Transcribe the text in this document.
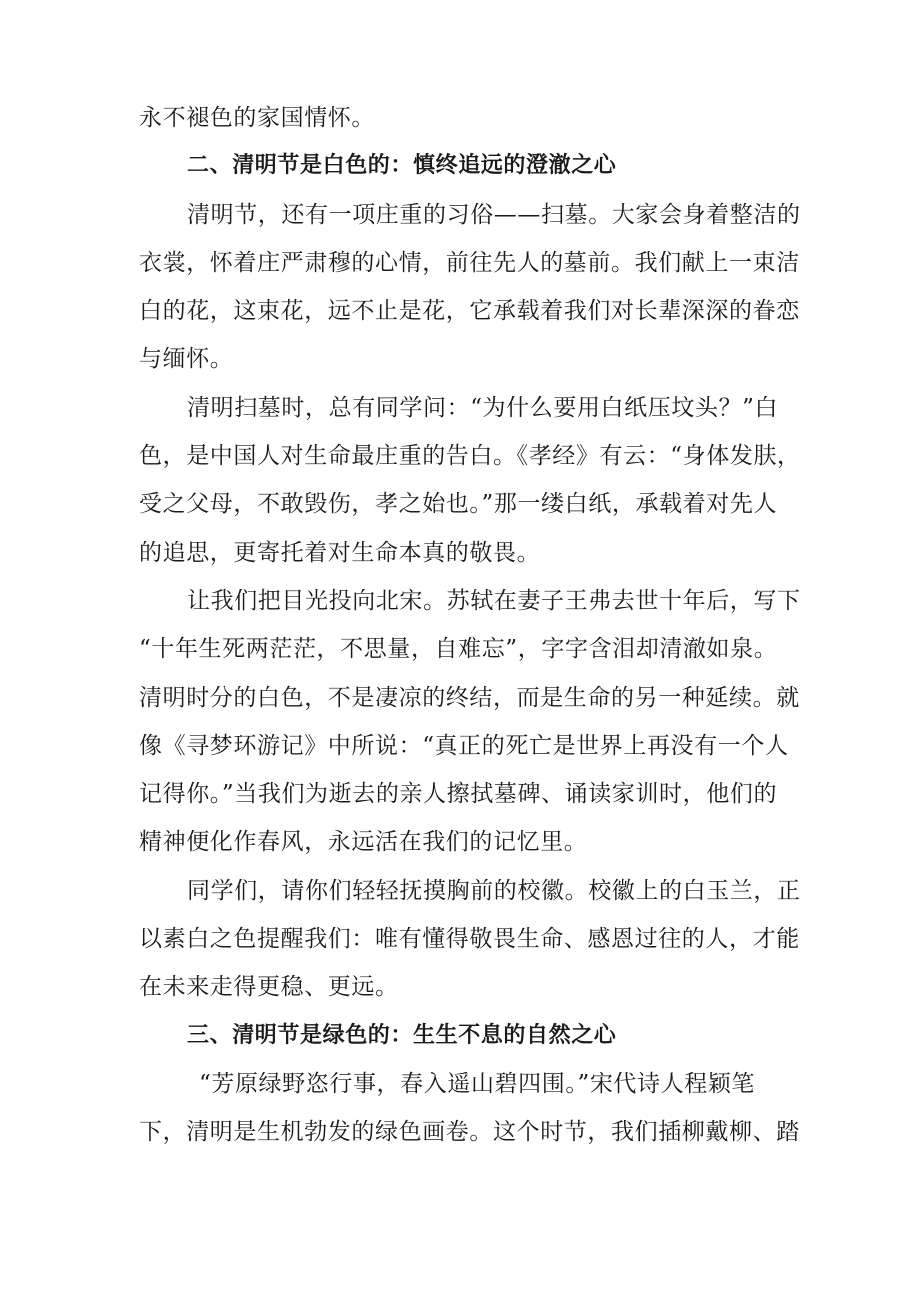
永不褪色的家国情怀。
二、清明节是白色的：慎终追远的澄澈之心
清明节，还有一项庄重的习俗——扫墓。大家会身着整洁的
衣裳，怀着庄严肃穆的心情，前往先人的墓前。我们献上一束洁
白的花，这束花，远不止是花，它承载着我们对长辈深深的眷恋
与缅怀。
清明扫墓时，总有同学问：“为什么要用白纸压坟头？”白
色，是中国人对生命最庄重的告白。《孝经》有云：“身体发肤，
受之父母，不敢毁伤，孝之始也。”那一缕白纸，承载着对先人
的追思，更寄托着对生命本真的敬畏。
让我们把目光投向北宋。苏轼在妻子王弗去世十年后，写下
“十年生死两茫茫，不思量，自难忘”，字字含泪却清澈如泉。
清明时分的白色，不是凄凉的终结，而是生命的另一种延续。就
像《寻梦环游记》中所说：“真正的死亡是世界上再没有一个人
记得你。”当我们为逝去的亲人擦拭墓碑、诵读家训时，他们的
精神便化作春风，永远活在我们的记忆里。
同学们，请你们轻轻抚摸胸前的校徽。校徽上的白玉兰，正
以素白之色提醒我们：唯有懂得敬畏生命、感恩过往的人，才能
在未来走得更稳、更远。
三、清明节是绿色的：生生不息的自然之心
“芳原绿野恣行事，春入遥山碧四围。”宋代诗人程颖笔
下，清明是生机勃发的绿色画卷。这个时节，我们插柳戴柳、踏
